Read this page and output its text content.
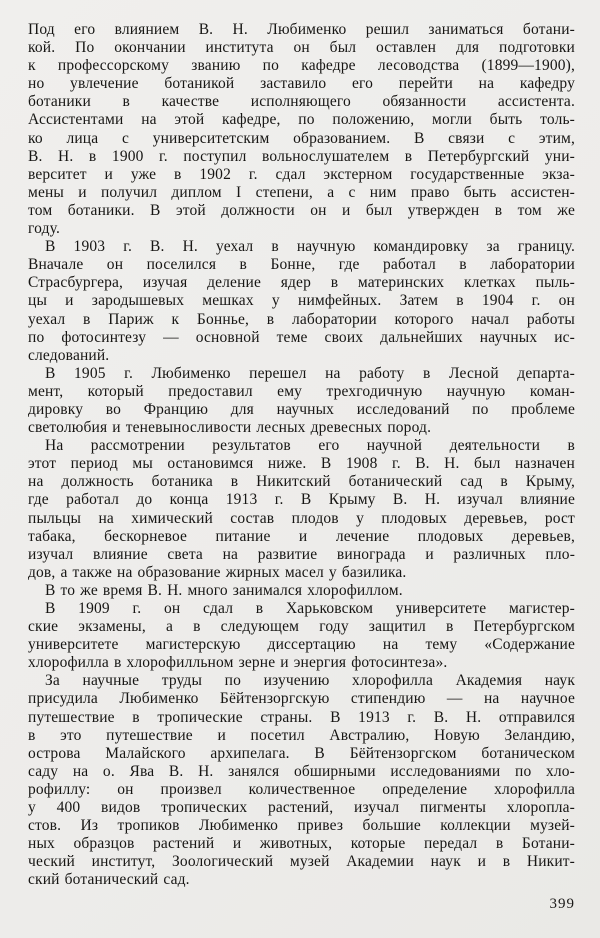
Под его влиянием В. Н. Любименко решил заниматься ботани-
кой. По окончании института он был оставлен для подготовки
к профессорскому званию по кафедре лесоводства (1899—1900),
но увлечение ботаникой заставило его перейти на кафедру
ботаники в качестве исполняющего обязанности ассистента.
Ассистентами на этой кафедре, по положению, могли быть толь-
ко лица с университетским образованием. В связи с этим,
В. Н. в 1900 г. поступил вольнослушателем в Петербургский уни-
верситет и уже в 1902 г. сдал экстерном государственные экза-
мены и получил диплом I степени, а с ним право быть ассистен-
том ботаники. В этой должности он и был утвержден в том же
году.
В 1903 г. В. Н. уехал в научную командировку за границу.
Вначале он поселился в Бонне, где работал в лаборатории
Страсбургера, изучая деление ядер в материнских клетках пыль-
цы и зародышевых мешках у нимфейных. Затем в 1904 г. он
уехал в Париж к Боннье, в лаборатории которого начал работы
по фотосинтезу — основной теме своих дальнейших научных ис-
следований.
В 1905 г. Любименко перешел на работу в Лесной департа-
мент, который предоставил ему трехгодичную научную коман-
дировку во Францию для научных исследований по проблеме
светолюбия и теневыносливости лесных древесных пород.
На рассмотрении результатов его научной деятельности в
этот период мы остановимся ниже. В 1908 г. В. Н. был назначен
на должность ботаника в Никитский ботанический сад в Крыму,
где работал до конца 1913 г. В Крыму В. Н. изучал влияние
пыльцы на химический состав плодов у плодовых деревьев, рост
табака, бескорневое питание и лечение плодовых деревьев,
изучал влияние света на развитие винограда и различных пло-
дов, а также на образование жирных масел у базилика.
В то же время В. Н. много занимался хлорофиллом.
В 1909 г. он сдал в Харьковском университете магистер-
ские экзамены, а в следующем году защитил в Петербургском
университете магистерскую диссертацию на тему «Содержание
хлорофилла в хлорофилльном зерне и энергия фотосинтеза».
За научные труды по изучению хлорофилла Академия наук
присудила Любименко Бёйтензоргскую стипендию — на научное
путешествие в тропические страны. В 1913 г. В. Н. отправился
в это путешествие и посетил Австралию, Новую Зеландию,
острова Малайского архипелага. В Бёйтензоргском ботаническом
саду на о. Ява В. Н. занялся обширными исследованиями по хло-
рофиллу: он произвел количественное определение хлорофилла
у 400 видов тропических растений, изучал пигменты хлоропла-
стов. Из тропиков Любименко привез большие коллекции музей-
ных образцов растений и животных, которые передал в Ботани-
ческий институт, Зоологический музей Академии наук и в Никит-
ский ботанический сад.
399
